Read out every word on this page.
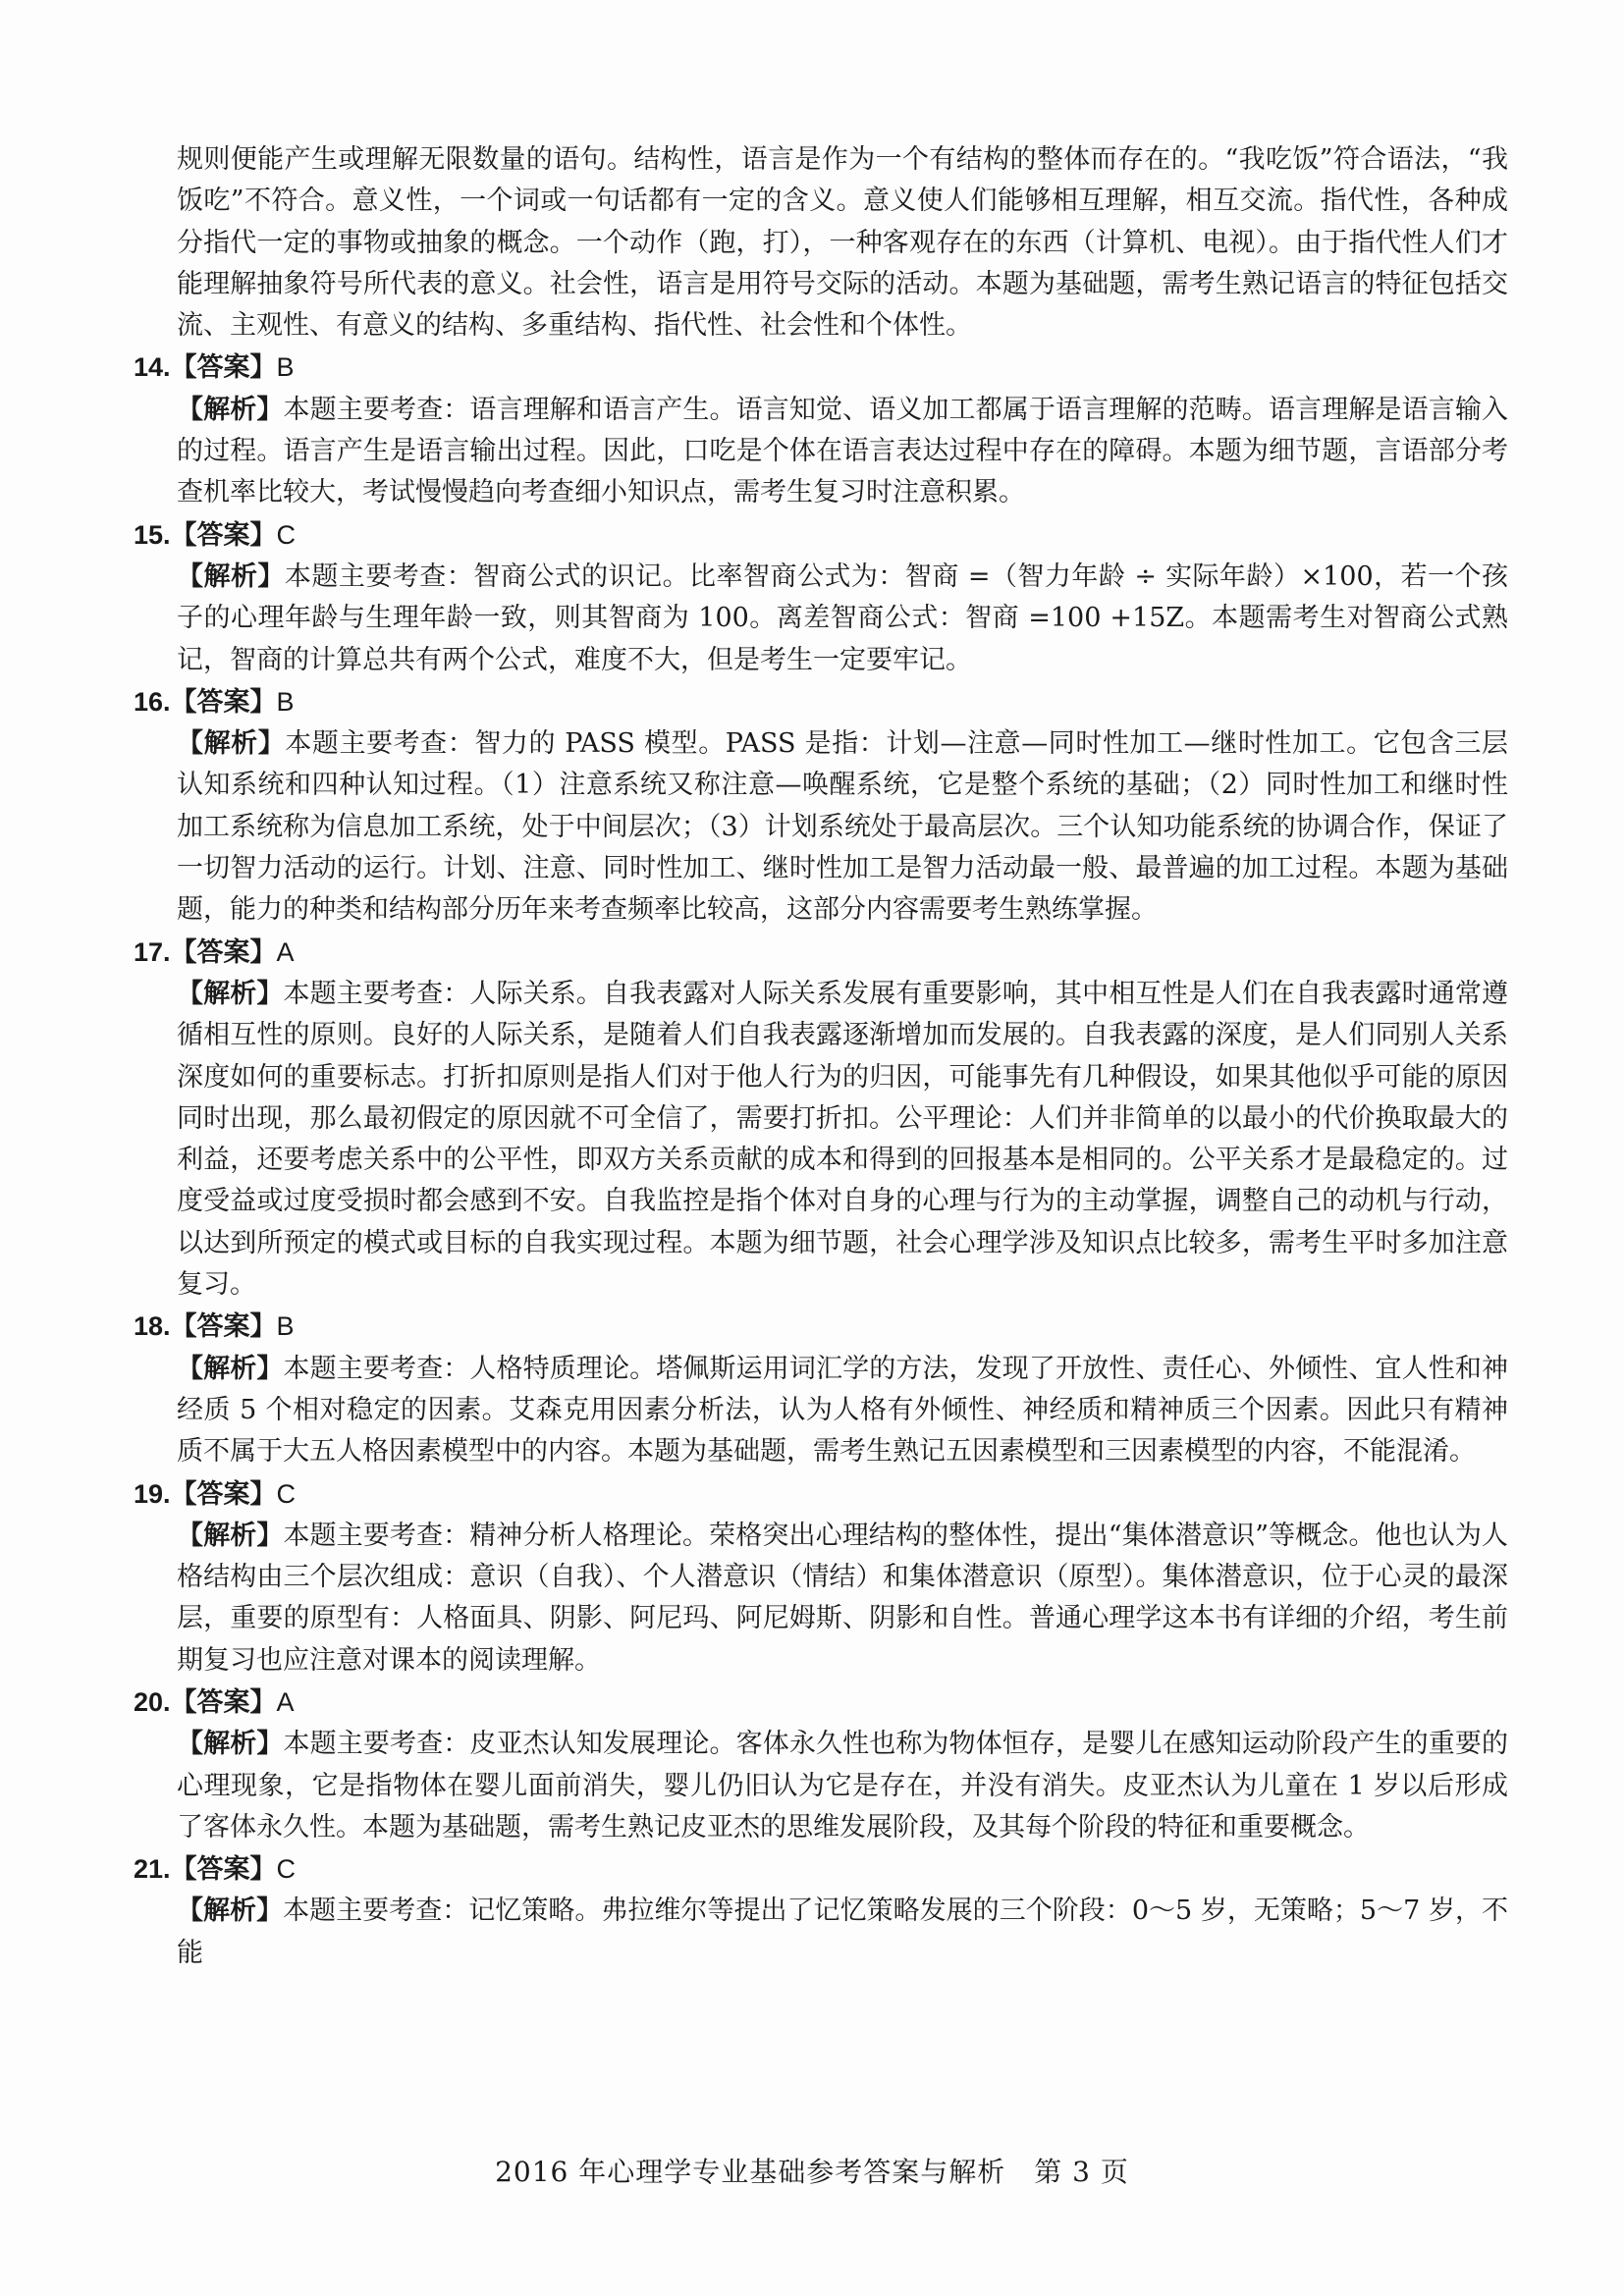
规则便能产生或理解无限数量的语句。结构性，语言是作为一个有结构的整体而存在的。“我吃饭”符合语法，“我饭吃”不符合。意义性，一个词或一句话都有一定的含义。意义使人们能够相互理解，相互交流。指代性，各种成分指代一定的事物或抽象的概念。一个动作（跑，打），一种客观存在的东西（计算机、电视）。由于指代性人们才能理解抽象符号所代表的意义。社会性，语言是用符号交际的活动。本题为基础题，需考生熟记语言的特征包括交流、主观性、有意义的结构、多重结构、指代性、社会性和个体性。

14.【答案】B

【解析】本题主要考查：语言理解和语言产生。语言知觉、语义加工都属于语言理解的范畴。语言理解是语言输入的过程。语言产生是语言输出过程。因此，口吃是个体在语言表达过程中存在的障碍。本题为细节题，言语部分考查机率比较大，考试慢慢趋向考查细小知识点，需考生复习时注意积累。

15.【答案】C

【解析】本题主要考查：智商公式的识记。比率智商公式为：智商 =（智力年龄 ÷ 实际年龄）×100，若一个孩子的心理年龄与生理年龄一致，则其智商为 100。离差智商公式：智商 =100 +15Z。本题需考生对智商公式熟记，智商的计算总共有两个公式，难度不大，但是考生一定要牢记。

16.【答案】B

【解析】本题主要考查：智力的 PASS 模型。PASS 是指：计划—注意—同时性加工—继时性加工。它包含三层认知系统和四种认知过程。（1）注意系统又称注意—唤醒系统，它是整个系统的基础；（2）同时性加工和继时性加工系统称为信息加工系统，处于中间层次；（3）计划系统处于最高层次。三个认知功能系统的协调合作，保证了一切智力活动的运行。计划、注意、同时性加工、继时性加工是智力活动最一般、最普遍的加工过程。本题为基础题，能力的种类和结构部分历年来考查频率比较高，这部分内容需要考生熟练掌握。

17.【答案】A

【解析】本题主要考查：人际关系。自我表露对人际关系发展有重要影响，其中相互性是人们在自我表露时通常遵循相互性的原则。良好的人际关系，是随着人们自我表露逐渐增加而发展的。自我表露的深度，是人们同别人关系深度如何的重要标志。打折扣原则是指人们对于他人行为的归因，可能事先有几种假设，如果其他似乎可能的原因同时出现，那么最初假定的原因就不可全信了，需要打折扣。公平理论：人们并非简单的以最小的代价换取最大的利益，还要考虑关系中的公平性，即双方关系贡献的成本和得到的回报基本是相同的。公平关系才是最稳定的。过度受益或过度受损时都会感到不安。自我监控是指个体对自身的心理与行为的主动掌握，调整自己的动机与行动，以达到所预定的模式或目标的自我实现过程。本题为细节题，社会心理学涉及知识点比较多，需考生平时多加注意复习。

18.【答案】B

【解析】本题主要考查：人格特质理论。塔佩斯运用词汇学的方法，发现了开放性、责任心、外倾性、宜人性和神经质 5 个相对稳定的因素。艾森克用因素分析法，认为人格有外倾性、神经质和精神质三个因素。因此只有精神质不属于大五人格因素模型中的内容。本题为基础题，需考生熟记五因素模型和三因素模型的内容，不能混淆。

19.【答案】C

【解析】本题主要考查：精神分析人格理论。荣格突出心理结构的整体性，提出“集体潜意识”等概念。他也认为人格结构由三个层次组成：意识（自我）、个人潜意识（情结）和集体潜意识（原型）。集体潜意识，位于心灵的最深层，重要的原型有：人格面具、阴影、阿尼玛、阿尼姆斯、阴影和自性。普通心理学这本书有详细的介绍，考生前期复习也应注意对课本的阅读理解。

20.【答案】A

【解析】本题主要考查：皮亚杰认知发展理论。客体永久性也称为物体恒存，是婴儿在感知运动阶段产生的重要的心理现象，它是指物体在婴儿面前消失，婴儿仍旧认为它是存在，并没有消失。皮亚杰认为儿童在 1 岁以后形成了客体永久性。本题为基础题，需考生熟记皮亚杰的思维发展阶段，及其每个阶段的特征和重要概念。

21.【答案】C

【解析】本题主要考查：记忆策略。弗拉维尔等提出了记忆策略发展的三个阶段：0～5 岁，无策略；5～7 岁，不能

2016 年心理学专业基础参考答案与解析　第 3 页
